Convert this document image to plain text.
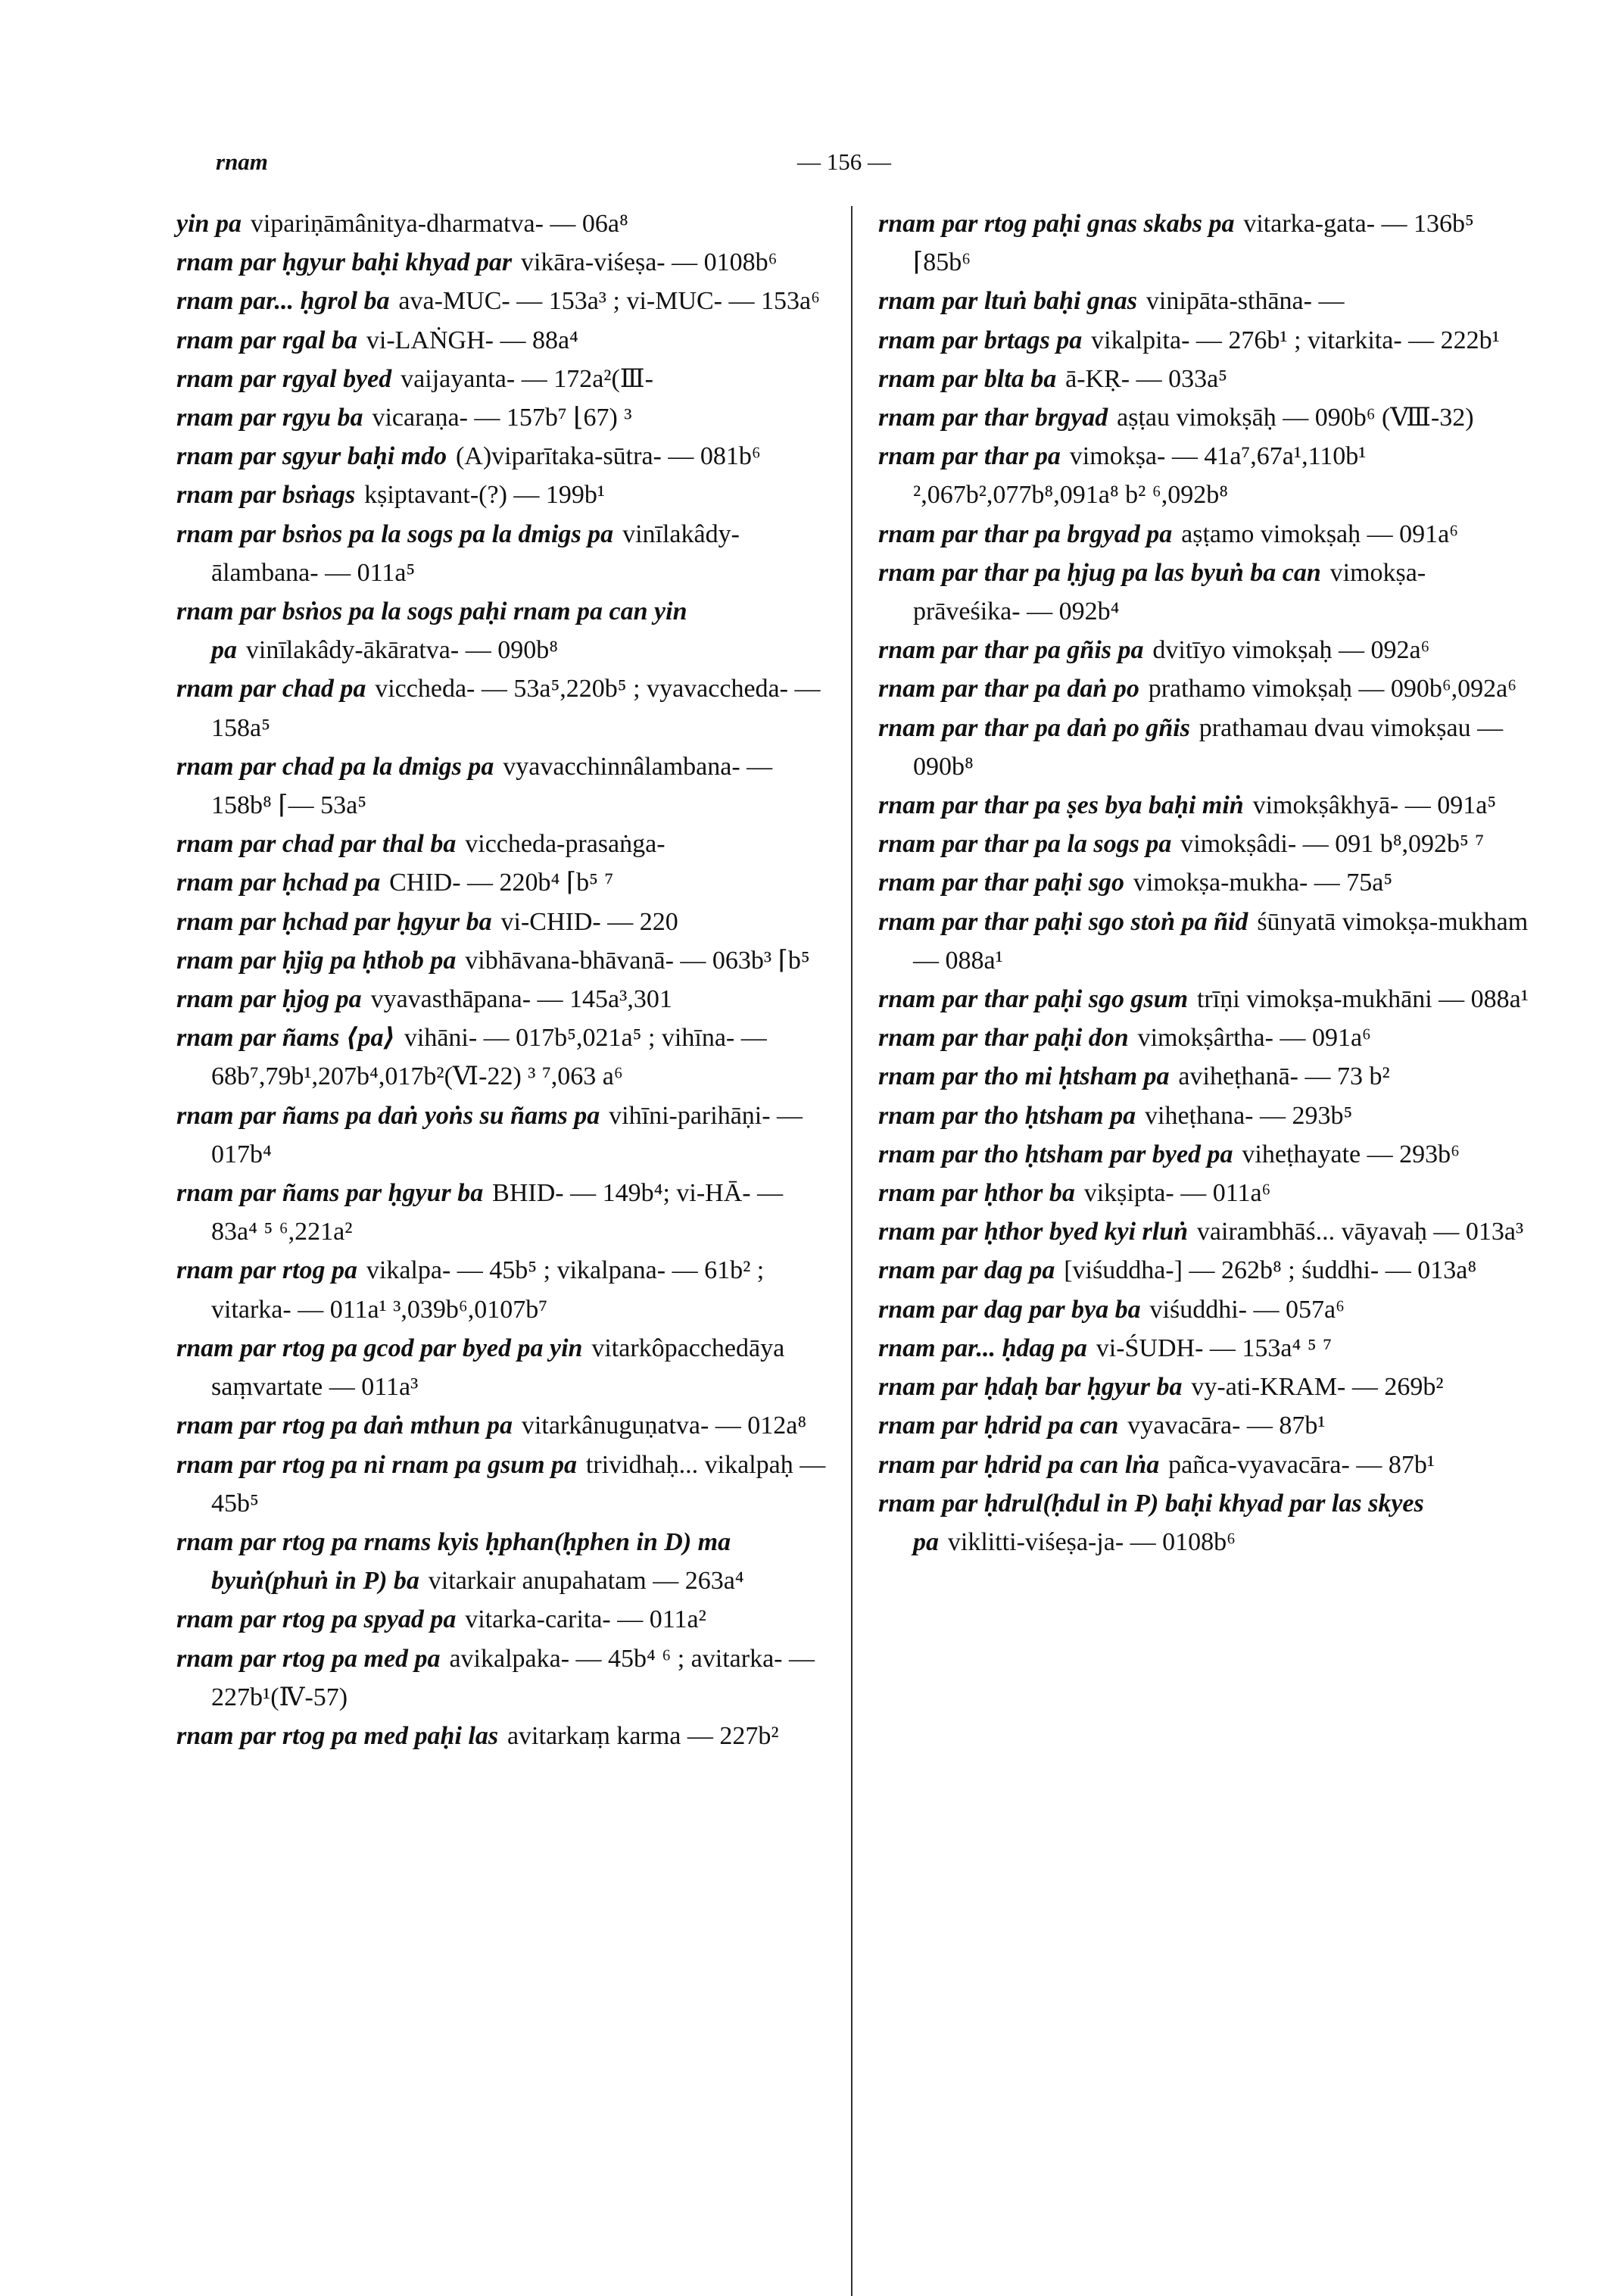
rnam	— 156 —

yin pa vipariṇāmânitya-dharmatva- — 06a⁸

rnam par ḥgyur baḥi khyad par vikāra-viśeṣa- — 0108b⁶

rnam par... ḥgrol ba ava-MUC- — 153a³ ; vi-MUC- — 153a⁶

rnam par rgal ba vi-LAṄGH- — 88a⁴

rnam par rgyal byed vaijayanta- — 172a²(Ⅲ-

rnam par rgyu ba vicaraṇa- — 157b⁷ ⌊67) ³

rnam par sgyur baḥi mdo (A)viparītaka-sūtra- — 081b⁶

rnam par bsṅags kṣiptavant-(?) — 199b¹

rnam par bsṅos pa la sogs pa la dmigs pa vinīlakâdy-ālambana- — 011a⁵

rnam par bsṅos pa la sogs paḥi rnam pa can yin pa vinīlakâdy-ākāratva- — 090b⁸

rnam par chad pa viccheda- — 53a⁵,220b⁵ ; vyavaccheda- — 158a⁵

rnam par chad pa la dmigs pa vyavacchinnâlambana- — 158b⁸ ⌈— 53a⁵

rnam par chad par thal ba viccheda-prasaṅga-

rnam par ḥchad pa CHID- — 220b⁴ ⌈b⁵ ⁷

rnam par ḥchad par ḥgyur ba vi-CHID- — 220

rnam par ḥjig pa ḥthob pa vibhāvana-bhāvanā- — 063b³ ⌈b⁵

rnam par ḥjog pa vyavasthāpana- — 145a³,301

rnam par ñams ⟨pa⟩ vihāni- — 017b⁵,021a⁵ ; vihīna- — 68b⁷,79b¹,207b⁴,017b²(Ⅵ-22) ³ ⁷,063 a⁶

rnam par ñams pa daṅ yoṅs su ñams pa vihīni-parihāṇi- — 017b⁴

rnam par ñams par ḥgyur ba BHID- — 149b⁴; vi-HĀ- — 83a⁴ ⁵ ⁶,221a²

rnam par rtog pa vikalpa- — 45b⁵ ; vikalpana- — 61b² ; vitarka- — 011a¹ ³,039b⁶,0107b⁷

rnam par rtog pa gcod par byed pa yin vitarkôpacchedāya saṃvartate — 011a³

rnam par rtog pa daṅ mthun pa vitarkânuguṇatva- — 012a⁸

rnam par rtog pa ni rnam pa gsum pa trividhaḥ... vikalpaḥ — 45b⁵

rnam par rtog pa rnams kyis ḥphan(ḥphen in D) ma byuṅ(phuṅ in P) ba vitarkair anupahatam — 263a⁴

rnam par rtog pa spyad pa vitarka-carita- — 011a²

rnam par rtog pa med pa avikalpaka- — 45b⁴ ⁶ ; avitarka- — 227b¹(Ⅳ-57)

rnam par rtog pa med paḥi las avitarkaṃ karma — 227b²

rnam par rtog paḥi gnas skabs pa vitarka-gata- — 136b⁵ ⌈85b⁶

rnam par ltuṅ baḥi gnas vinipāta-sthāna- —

rnam par brtags pa vikalpita- — 276b¹ ; vitarkita- — 222b¹

rnam par blta ba ā-KṚ- — 033a⁵

rnam par thar brgyad aṣṭau vimokṣāḥ — 090b⁶ (Ⅷ-32)

rnam par thar pa vimokṣa- — 41a⁷,67a¹,110b¹ ²,067b²,077b⁸,091a⁸ b² ⁶,092b⁸

rnam par thar pa brgyad pa aṣṭamo vimokṣaḥ — 091a⁶

rnam par thar pa ḥjug pa las byuṅ ba can vimokṣa-prāveśika- — 092b⁴

rnam par thar pa gñis pa dvitīyo vimokṣaḥ — 092a⁶

rnam par thar pa daṅ po prathamo vimokṣaḥ — 090b⁶,092a⁶

rnam par thar pa daṅ po gñis prathamau dvau vimokṣau — 090b⁸

rnam par thar pa ṣes bya baḥi miṅ vimokṣâkhyā- — 091a⁵

rnam par thar pa la sogs pa vimokṣâdi- — 091 b⁸,092b⁵ ⁷

rnam par thar paḥi sgo vimokṣa-mukha- — 75a⁵

rnam par thar paḥi sgo stoṅ pa ñid śūnyatā vimokṣa-mukham — 088a¹

rnam par thar paḥi sgo gsum trīṇi vimokṣa-mukhāni — 088a¹

rnam par thar paḥi don vimokṣârtha- — 091a⁶

rnam par tho mi ḥtsham pa aviheṭhanā- — 73 b²

rnam par tho ḥtsham pa viheṭhana- — 293b⁵

rnam par tho ḥtsham par byed pa viheṭhayate — 293b⁶

rnam par ḥthor ba vikṣipta- — 011a⁶

rnam par ḥthor byed kyi rluṅ vairambhāś... vāyavaḥ — 013a³

rnam par dag pa [viśuddha-] — 262b⁸ ; śuddhi- — 013a⁸

rnam par dag par bya ba viśuddhi- — 057a⁶

rnam par... ḥdag pa vi-ŚUDH- — 153a⁴ ⁵ ⁷

rnam par ḥdaḥ bar ḥgyur ba vy-ati-KRAM- — 269b²

rnam par ḥdrid pa can vyavacāra- — 87b¹

rnam par ḥdrid pa can lṅa pañca-vyavacāra- — 87b¹

rnam par ḥdrul(ḥdul in P) baḥi khyad par las skyes pa viklitti-viśeṣa-ja- — 0108b⁶
